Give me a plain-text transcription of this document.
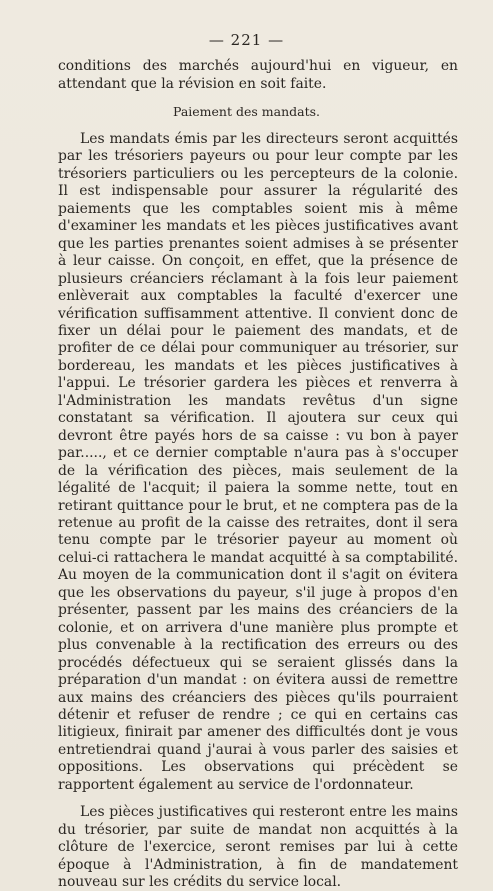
— 221 —

conditions des marchés aujourd'hui en vigueur, en attendant que la révision en soit faite.

Paiement des mandats.

Les mandats émis par les directeurs seront acquittés par les trésoriers payeurs ou pour leur compte par les trésoriers particuliers ou les percepteurs de la colonie. Il est indispensable pour assurer la régularité des paiements que les comptables soient mis à même d'examiner les mandats et les pièces justificatives avant que les parties prenantes soient admises à se présenter à leur caisse. On conçoit, en effet, que la présence de plusieurs créanciers réclamant à la fois leur paiement enlèverait aux comptables la faculté d'exercer une vérification suffisamment attentive. Il convient donc de fixer un délai pour le paiement des mandats, et de profiter de ce délai pour communiquer au trésorier, sur bordereau, les mandats et les pièces justificatives à l'appui. Le trésorier gardera les pièces et renverra à l'Administration les mandats revêtus d'un signe constatant sa vérification. Il ajoutera sur ceux qui devront être payés hors de sa caisse : vu bon à payer par....., et ce dernier comptable n'aura pas à s'occuper de la vérification des pièces, mais seulement de la légalité de l'acquit; il paiera la somme nette, tout en retirant quittance pour le brut, et ne comptera pas de la retenue au profit de la caisse des retraites, dont il sera tenu compte par le trésorier payeur au moment où celui-ci rattachera le mandat acquitté à sa comptabilité. Au moyen de la communication dont il s'agit on évitera que les observations du payeur, s'il juge à propos d'en présenter, passent par les mains des créanciers de la colonie, et on arrivera d'une manière plus prompte et plus convenable à la rectification des erreurs ou des procédés défectueux qui se seraient glissés dans la préparation d'un mandat : on évitera aussi de remettre aux mains des créanciers des pièces qu'ils pourraient détenir et refuser de rendre ; ce qui en certains cas litigieux, finirait par amener des difficultés dont je vous entretiendrai quand j'aurai à vous parler des saisies et oppositions. Les observations qui précèdent se rapportent également au service de l'ordonnateur.

Les pièces justificatives qui resteront entre les mains du trésorier, par suite de mandat non acquittés à la clôture de l'exercice, seront remises par lui à cette époque à l'Administration, à fin de mandatement nouveau sur les crédits du service local.
